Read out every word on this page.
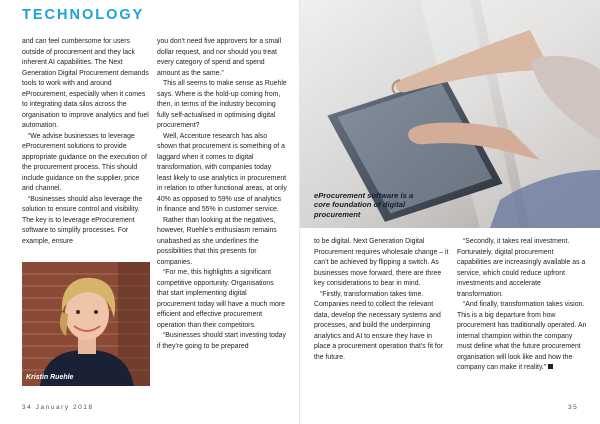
TECHNOLOGY

and can feel cumbersome for users outside of procurement and they lack inherent AI capabilities. The Next Generation Digital Procurement demands tools to work with and around eProcurement, especially when it comes to integrating data silos across the organisation to improve analytics and fuel automation.

“We advise businesses to leverage eProcurement solutions to provide appropriate guidance on the execution of the procurement process. This should include guidance on the supplier, price and channel.

“Businesses should also leverage the solution to ensure control and visibility. The key is to leverage eProcurement software to simplify processes. For example, ensure

Kristin Ruehle

you don’t need five approvers for a small dollar request, and nor should you treat every category of spend and spend amount as the same.”

This all seems to make sense as Ruehle says. Where is the hold-up coming from, then, in terms of the industry becoming fully self-actualised in optimising digital procurement?

Well, Accenture research has also shown that procurement is something of a laggard when it comes to digital transformation, with companies today least likely to use analytics in procurement in relation to other functional areas, at only 40% as opposed to 59% use of analytics in finance and 55% in customer service.

Rather than looking at the negatives, however, Ruehle’s enthusiasm remains unabashed as she underlines the possibilities that this presents for companies.

“For me, this highlights a significant competitive opportunity. Organisations that start implementing digital procurement today will have a much more efficient and effective procurement operation than their competitors.

“Businesses should start investing today if they’re going to be prepared

34 January 2018

eProcurement software is a core foundation of digital procurement

to be digital. Next Generation Digital Procurement requires wholesale change – it can’t be achieved by flipping a switch. As businesses move forward, there are three key considerations to bear in mind.

“Firstly, transformation takes time. Companies need to collect the relevant data, develop the necessary systems and processes, and build the underpinning analytics and AI to ensure they have in place a procurement operation that’s fit for the future.

“Secondly, it takes real investment. Fortunately, digital procurement capabilities are increasingly available as a service, which could reduce upfront investments and accelerate transformation.

“And finally, transformation takes vision. This is a big departure from how procurement has traditionally operated. An internal champion within the company must define what the future procurement organisation will look like and how the company can make it reality.”

35
